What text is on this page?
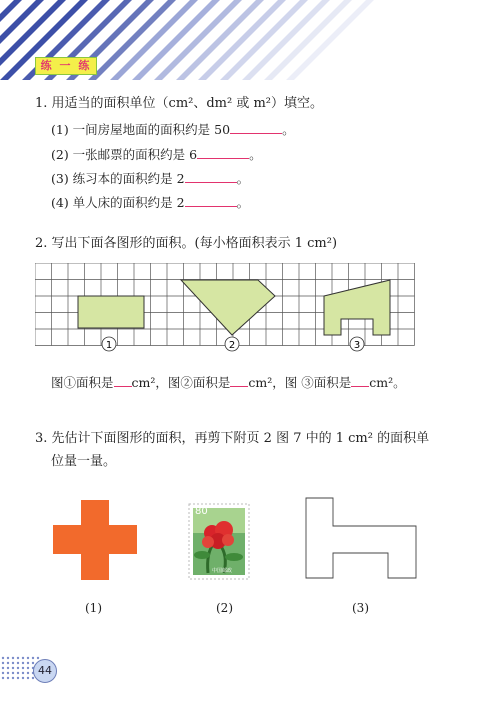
练 一 练
1. 用适当的面积单位（cm²、dm² 或 m²）填空。
(1) 一间房屋地面的面积约是 50	。
(2) 一张邮票的面积约是 6	。
(3) 练习本的面积约是 2	。
(4) 单人床的面积约是 2	。
2. 写出下面各图形的面积。(每小格面积表示 1 cm²)
1	2	3
图①面积是 cm²，图②面积是 cm²，图 ③面积是 cm²。
3. 先估计下面图形的面积，再剪下附页 2 图 7 中的 1 cm² 的面积单
位量一量。
80
中国邮政
(1)	(2)	(3)
44
